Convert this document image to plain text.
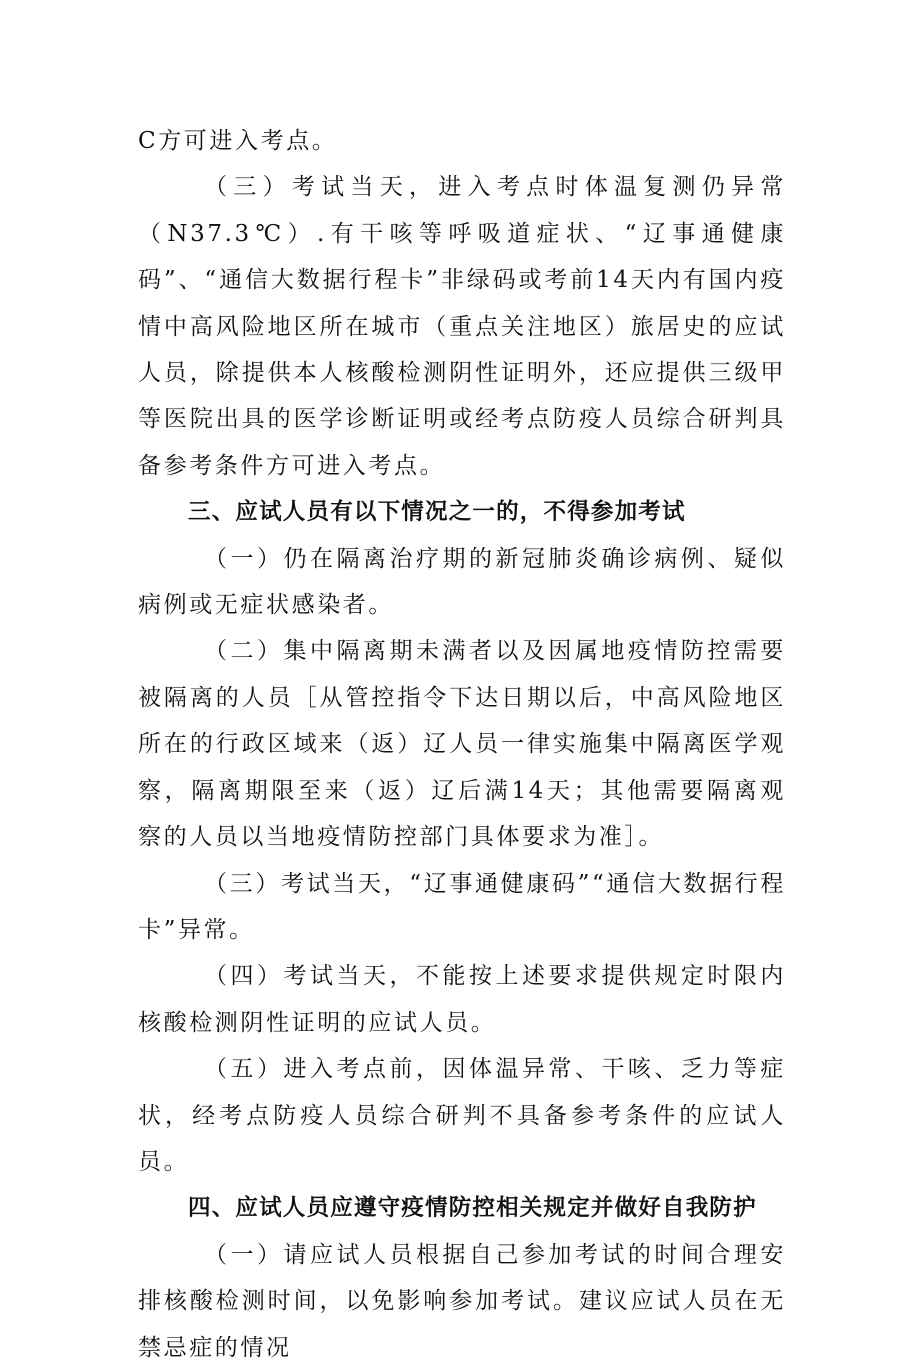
C方可进入考点。

（三）考试当天，进入考点时体温复测仍异常（N37.3℃）.有干咳等呼吸道症状、“辽事通健康码”、“通信大数据行程卡”非绿码或考前14天内有国内疫情中高风险地区所在城市（重点关注地区）旅居史的应试人员，除提供本人核酸检测阴性证明外，还应提供三级甲等医院出具的医学诊断证明或经考点防疫人员综合研判具备参考条件方可进入考点。

三、应试人员有以下情况之一的，不得参加考试

（一）仍在隔离治疗期的新冠肺炎确诊病例、疑似病例或无症状感染者。

（二）集中隔离期未满者以及因属地疫情防控需要被隔离的人员［从管控指令下达日期以后，中高风险地区所在的行政区域来（返）辽人员一律实施集中隔离医学观察，隔离期限至来（返）辽后满14天；其他需要隔离观察的人员以当地疫情防控部门具体要求为准］。

（三）考试当天，“辽事通健康码”“通信大数据行程卡”异常。

（四）考试当天，不能按上述要求提供规定时限内核酸检测阴性证明的应试人员。

（五）进入考点前，因体温异常、干咳、乏力等症状，经考点防疫人员综合研判不具备参考条件的应试人员。

四、应试人员应遵守疫情防控相关规定并做好自我防护

（一）请应试人员根据自己参加考试的时间合理安排核酸检测时间，以免影响参加考试。建议应试人员在无禁忌症的情况
